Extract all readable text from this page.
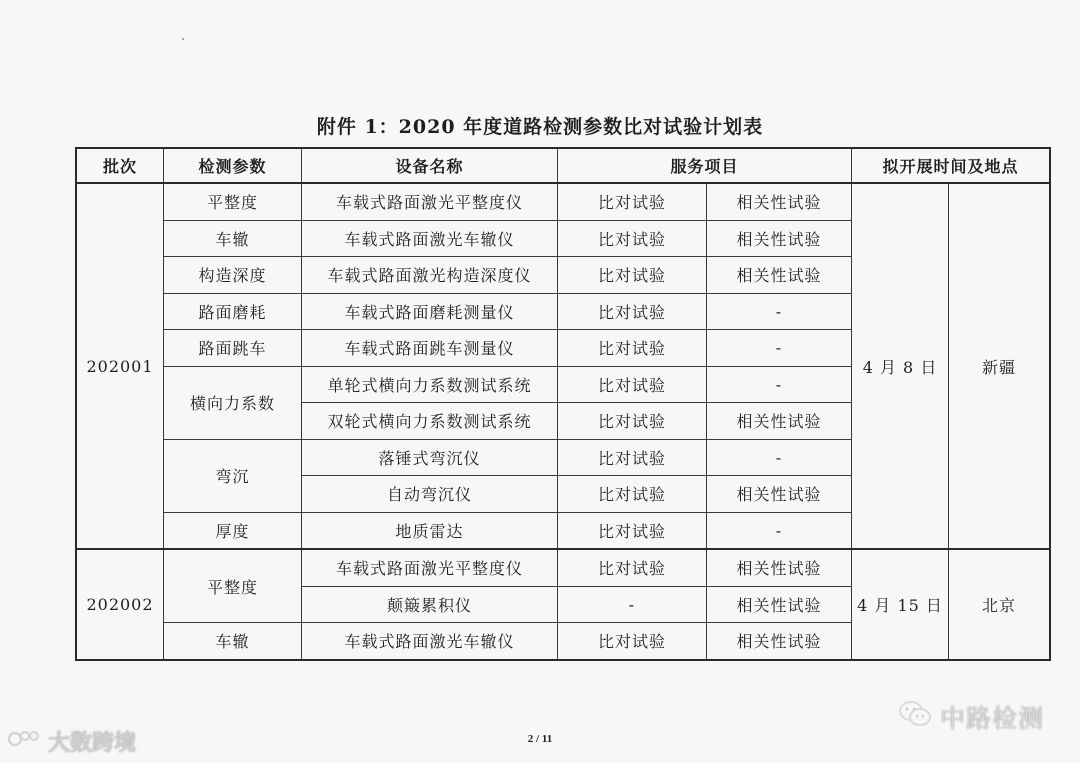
附件 1：2020 年度道路检测参数比对试验计划表
批次	检测参数	设备名称	服务项目		拟开展时间及地点	
202001	平整度	车载式路面激光平整度仪	比对试验	相关性试验	4 月 8 日	新疆
	车辙	车载式路面激光车辙仪	比对试验	相关性试验		
	构造深度	车载式路面激光构造深度仪	比对试验	相关性试验		
	路面磨耗	车载式路面磨耗测量仪	比对试验	-		
	路面跳车	车载式路面跳车测量仪	比对试验	-		
	横向力系数	单轮式横向力系数测试系统	比对试验	-		
		双轮式横向力系数测试系统	比对试验	相关性试验		
	弯沉	落锤式弯沉仪	比对试验	-		
		自动弯沉仪	比对试验	相关性试验		
	厚度	地质雷达	比对试验	-		
202002	平整度	车载式路面激光平整度仪	比对试验	相关性试验	4 月 15 日	北京
		颠簸累积仪	-	相关性试验		
	车辙	车载式路面激光车辙仪	比对试验	相关性试验		
2 / 11
大数跨境
中路检测
